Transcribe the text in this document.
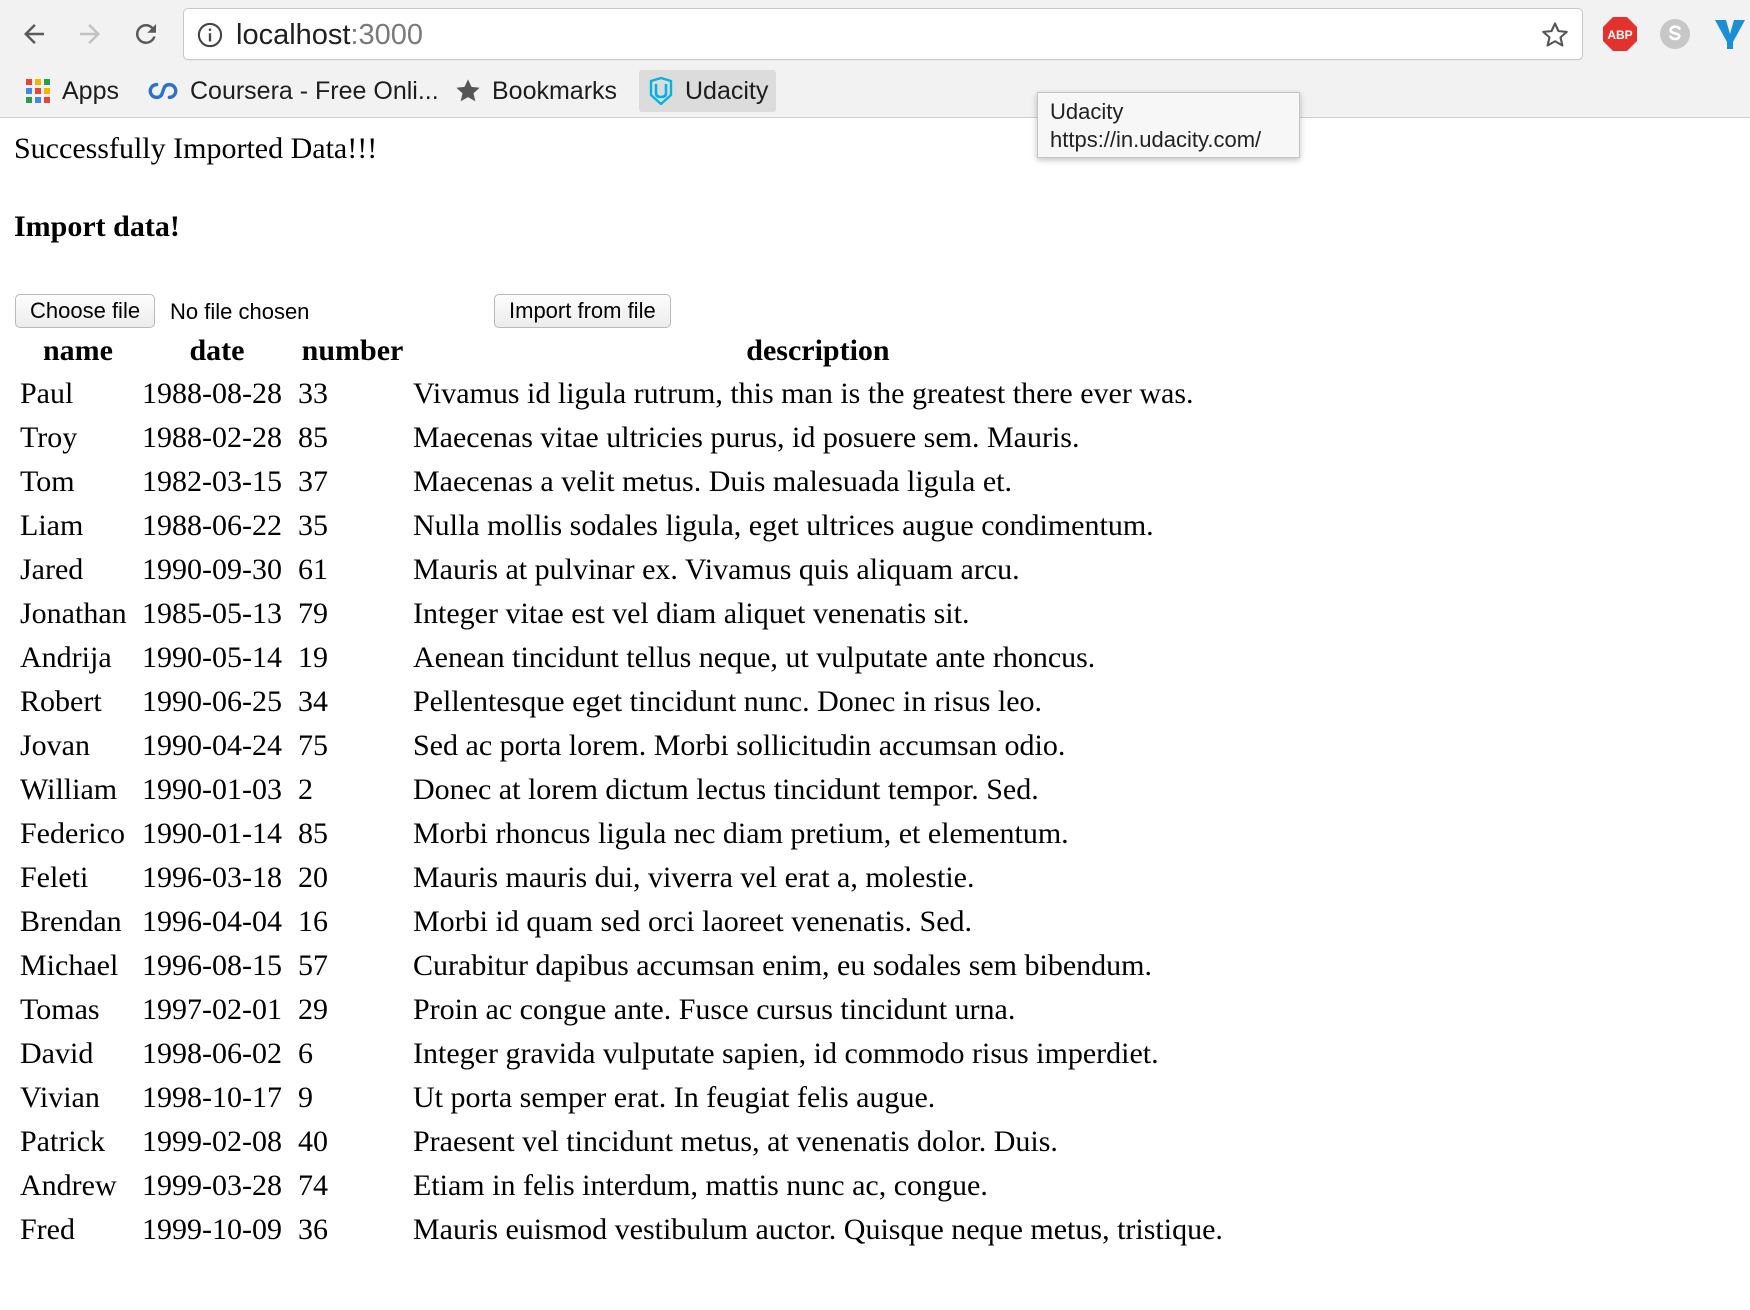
localhost:3000	ABP
Apps	Coursera - Free Onli... Bookmarks	Udacity
Successfully Imported Data!!!
Import data!
Choose file	No file chosen	Import from file
name	date	number	description
Paul	1988-08-28	33	Vivamus id ligula rutrum, this man is the greatest there ever was.
Troy	1988-02-28	85	Maecenas vitae ultricies purus, id posuere sem. Mauris.
Tom	1982-03-15	37	Maecenas a velit metus. Duis malesuada ligula et.
Liam	1988-06-22	35	Nulla mollis sodales ligula, eget ultrices augue condimentum.
Jared	1990-09-30	61	Mauris at pulvinar ex. Vivamus quis aliquam arcu.
Jonathan	1985-05-13	79	Integer vitae est vel diam aliquet venenatis sit.
Andrija	1990-05-14	19	Aenean tincidunt tellus neque, ut vulputate ante rhoncus.
Robert	1990-06-25	34	Pellentesque eget tincidunt nunc. Donec in risus leo.
Jovan	1990-04-24	75	Sed ac porta lorem. Morbi sollicitudin accumsan odio.
William	1990-01-03	2	Donec at lorem dictum lectus tincidunt tempor. Sed.
Federico	1990-01-14	85	Morbi rhoncus ligula nec diam pretium, et elementum.
Feleti	1996-03-18	20	Mauris mauris dui, viverra vel erat a, molestie.
Brendan	1996-04-04	16	Morbi id quam sed orci laoreet venenatis. Sed.
Michael	1996-08-15	57	Curabitur dapibus accumsan enim, eu sodales sem bibendum.
Tomas	1997-02-01	29	Proin ac congue ante. Fusce cursus tincidunt urna.
David	1998-06-02	6	Integer gravida vulputate sapien, id commodo risus imperdiet.
Vivian	1998-10-17	9	Ut porta semper erat. In feugiat felis augue.
Patrick	1999-02-08	40	Praesent vel tincidunt metus, at venenatis dolor. Duis.
Andrew	1999-03-28	74	Etiam in felis interdum, mattis nunc ac, congue.
Fred	1999-10-09	36	Mauris euismod vestibulum auctor. Quisque neque metus, tristique.
Udacity
https://in.udacity.com/
